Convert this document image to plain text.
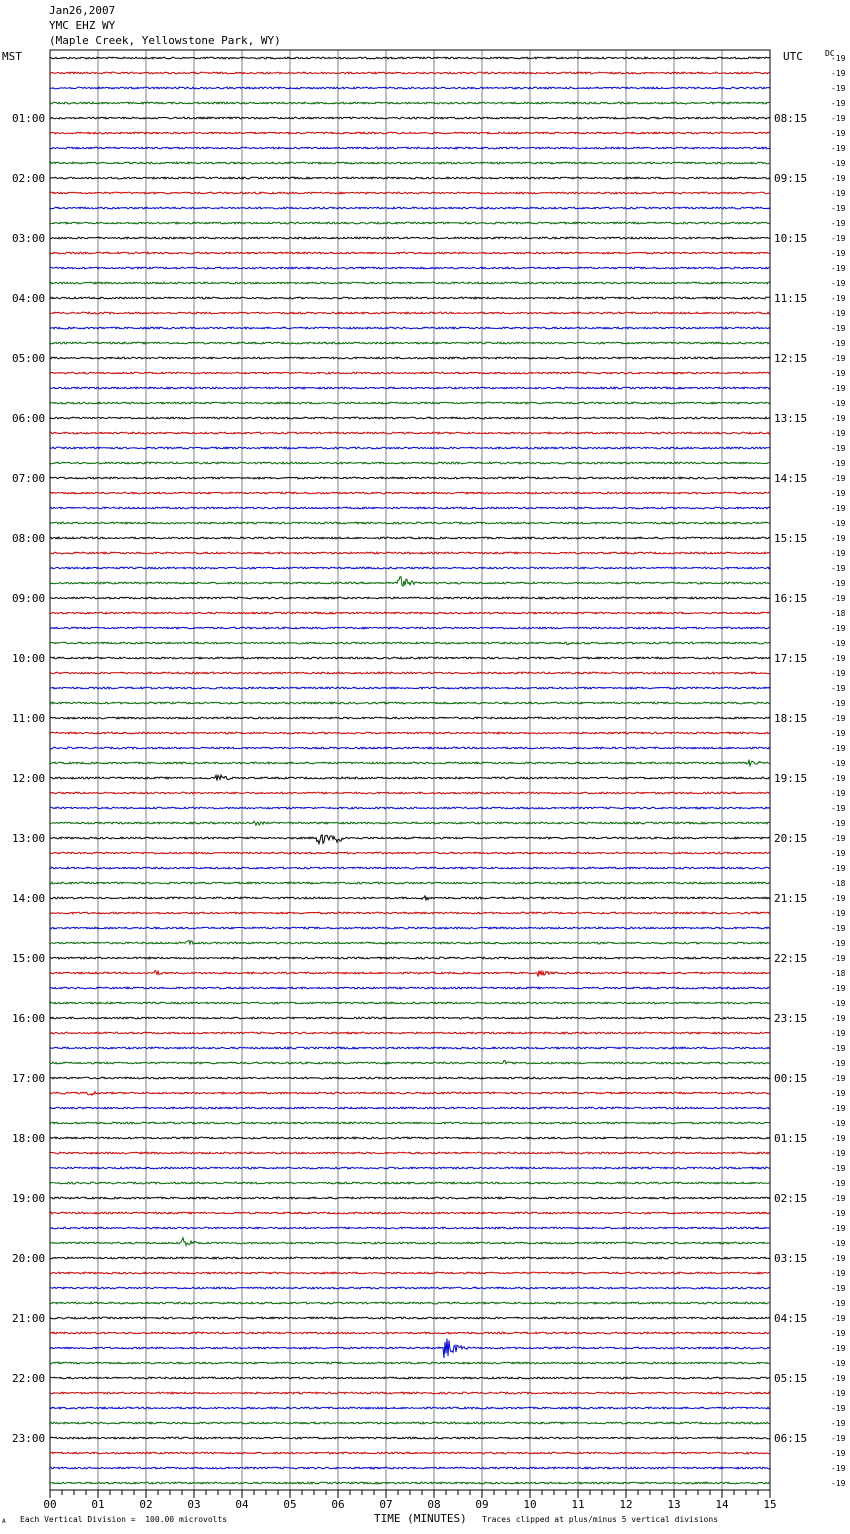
Jan26,2007
YMC EHZ WY
(Maple Creek, Yellowstone Park, WY)
MST	UTC	DC
-19
-19
-19
-19
-19
-19
-19
-19
-19
-19
-19
-19
-19
-19
-19
-19
-19
-19
-19
-19
-19
-19
-19
-19
-19
-19
-19
-19
-19
-19
-19
-19
-19
-19
-19
-19
-19
-18
-19
-19
-19
-19
-19
-19
-19
-19
-19
-19
-19
-19
-19
-19
-19
-19
-19
-18
-19
-19
-19
-19
-19
-18
-19
-19
-19
-19
-19
-19
-19
-19
-19
-19
-19
-19
-19
-19
-19
-19
-19
-19
-19
-19
-19
-19
-19
-19
-19
-19
-19
-19
-19
-19
-19
-19
-19
-19
01:00
02:00
03:00
04:00
05:00
06:00
07:00
08:00
09:00
10:00
11:00
12:00
13:00
14:00
15:00
16:00
17:00
18:00
19:00
20:00
21:00
22:00
23:00
08:15
09:15
10:15
11:15
12:15
13:15
14:15
15:15
16:15
17:15
18:15
19:15
20:15
21:15
22:15
23:15
00:15
01:15
02:15
03:15
04:15
05:15
06:15
00	01	02	03	04	05	06	07	08	09	10	11	12	13	14	15
Each Vertical Division =  100.00 microvolts	TIME (MINUTES) Traces clipped at plus/minus 5 vertical divisions
A
